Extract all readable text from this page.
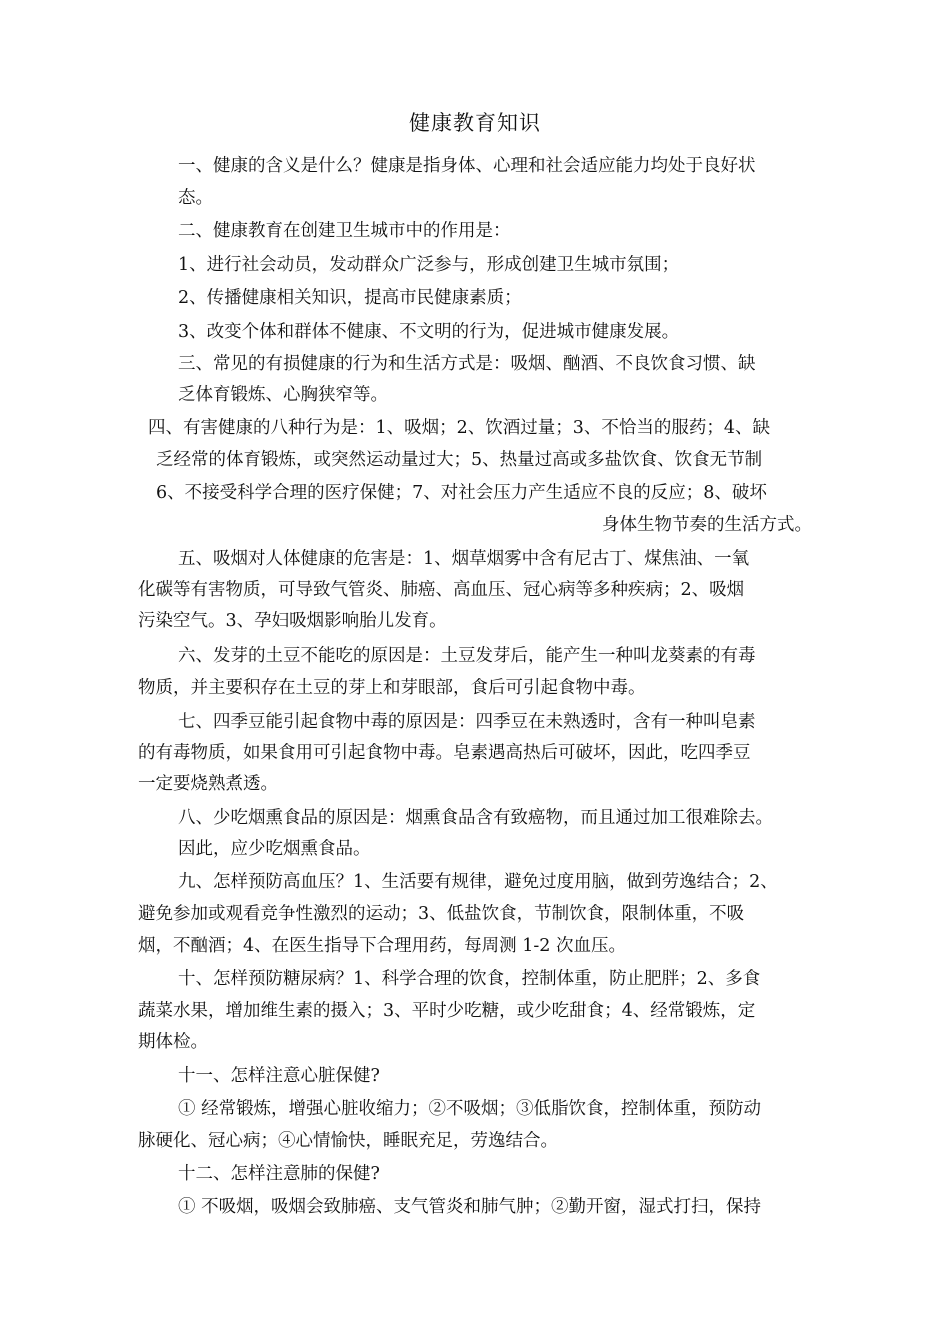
健康教育知识
一、健康的含义是什么？健康是指身体、心理和社会适应能力均处于良好状
态。
二、健康教育在创建卫生城市中的作用是：
1、进行社会动员，发动群众广泛参与，形成创建卫生城市氛围；
2、传播健康相关知识，提高市民健康素质；
3、改变个体和群体不健康、不文明的行为，促进城市健康发展。
三、常见的有损健康的行为和生活方式是：吸烟、酗酒、不良饮食习惯、缺
乏体育锻炼、心胸狭窄等。
四、有害健康的八种行为是：1、吸烟；2、饮酒过量；3、不恰当的服药；4、缺
乏经常的体育锻炼，或突然运动量过大；5、热量过高或多盐饮食、饮食无节制
6、不接受科学合理的医疗保健；7、对社会压力产生适应不良的反应；8、破坏
身体生物节奏的生活方式。
五、吸烟对人体健康的危害是：1、烟草烟雾中含有尼古丁、煤焦油、一氧
化碳等有害物质，可导致气管炎、肺癌、高血压、冠心病等多种疾病；2、吸烟
污染空气。3、孕妇吸烟影响胎儿发育。
六、发芽的土豆不能吃的原因是：土豆发芽后，能产生一种叫龙葵素的有毒
物质，并主要积存在土豆的芽上和芽眼部，食后可引起食物中毒。
七、四季豆能引起食物中毒的原因是：四季豆在未熟透时，含有一种叫皂素
的有毒物质，如果食用可引起食物中毒。皂素遇高热后可破坏，因此，吃四季豆
一定要烧熟煮透。
八、少吃烟熏食品的原因是：烟熏食品含有致癌物，而且通过加工很难除去。
因此，应少吃烟熏食品。
九、怎样预防高血压？1、生活要有规律，避免过度用脑，做到劳逸结合；2、
避免参加或观看竞争性激烈的运动；3、低盐饮食，节制饮食，限制体重，不吸
烟，不酗酒；4、在医生指导下合理用药，每周测 1-2 次血压。
十、怎样预防糖尿病？1、科学合理的饮食，控制体重，防止肥胖；2、多食
蔬菜水果，增加维生素的摄入；3、平时少吃糖，或少吃甜食；4、经常锻炼，定
期体检。
十一、怎样注意心脏保健?
① 经常锻炼，增强心脏收缩力；②不吸烟；③低脂饮食，控制体重，预防动
脉硬化、冠心病；④心情愉快，睡眠充足，劳逸结合。
十二、怎样注意肺的保健?
① 不吸烟，吸烟会致肺癌、支气管炎和肺气肿；②勤开窗，湿式打扫，保持
